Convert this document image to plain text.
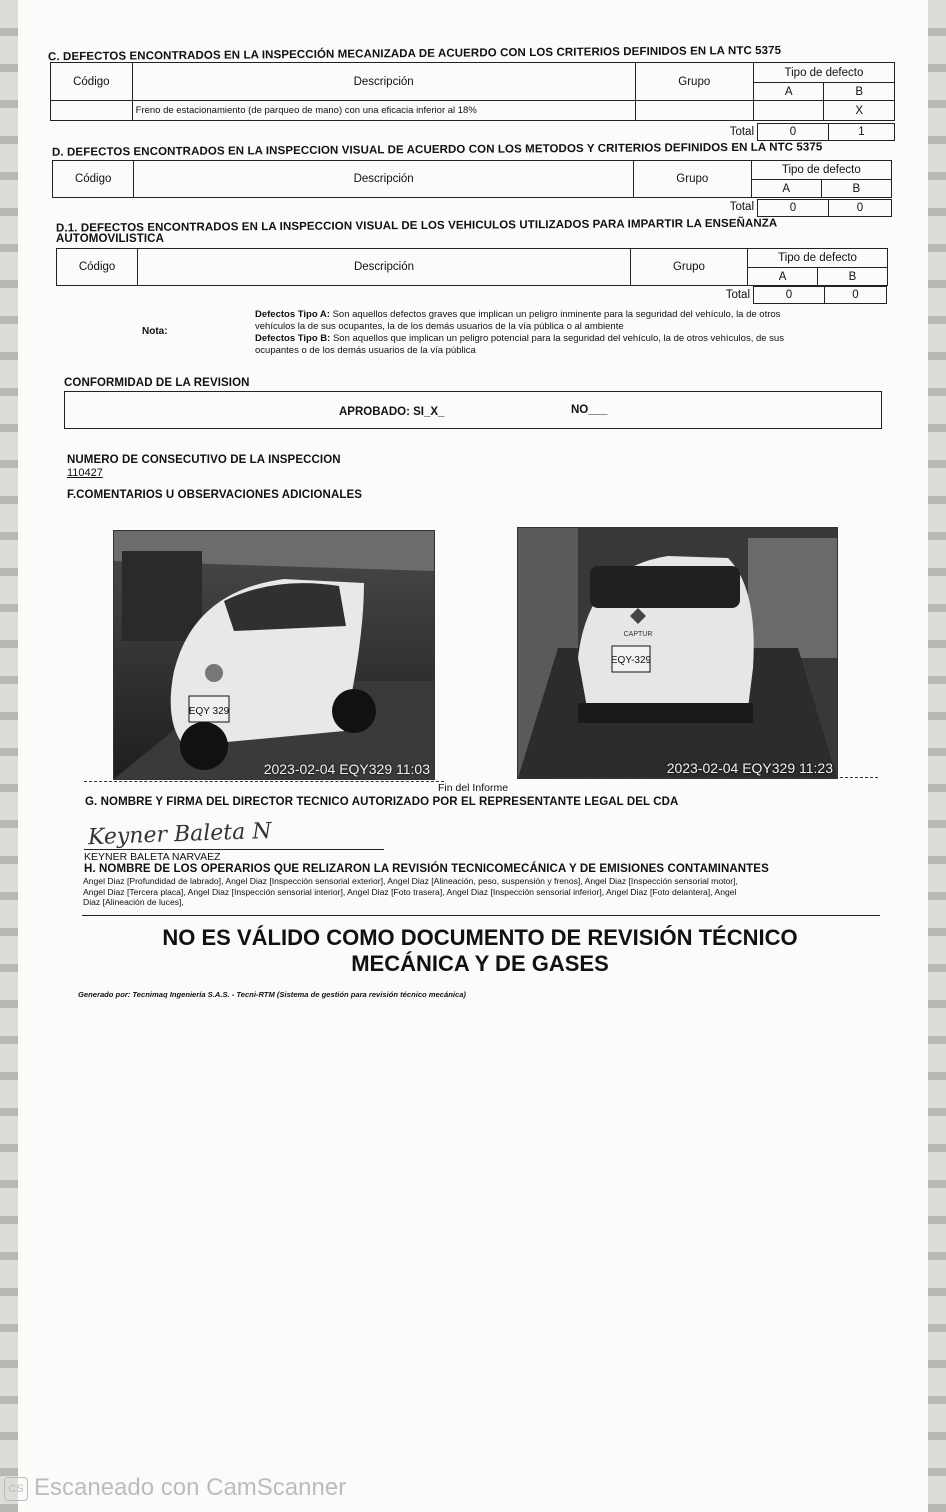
C. DEFECTOS ENCONTRADOS EN LA INSPECCIÓN MECANIZADA DE ACUERDO CON LOS CRITERIOS DEFINIDOS EN LA NTC 5375
Código	Descripción	Grupo	Tipo de defecto	
			A	B
	Freno de estacionamiento (de parqueo de mano) con una eficacia inferior al 18%			X
Total	0	1
D. DEFECTOS ENCONTRADOS EN LA INSPECCION VISUAL DE ACUERDO CON LOS METODOS Y CRITERIOS DEFINIDOS EN LA NTC 5375
Código	Descripción	Grupo	Tipo de defecto	
			A	B
Total	0	0
D.1. DEFECTOS ENCONTRADOS EN LA INSPECCION VISUAL DE LOS VEHICULOS UTILIZADOS PARA IMPARTIR LA ENSEÑANZA
AUTOMOVILISTICA
Código	Descripción	Grupo	Tipo de defecto	
			A	B
Total	0	0
Nota:
Defectos Tipo A: Son aquellos defectos graves que implican un peligro inminente para la seguridad del vehículo, la de otros
vehículos la de sus ocupantes, la de los demás usuarios de la vía pública o al ambiente
Defectos Tipo B: Son aquellos que implican un peligro potencial para la seguridad del vehículo, la de otros vehículos, de sus
ocupantes o de los demás usuarios de la vía pública
CONFORMIDAD DE LA REVISION
APROBADO: SI_X_	NO___
NUMERO DE CONSECUTIVO DE LA INSPECCION
110427
F.COMENTARIOS U OBSERVACIONES ADICIONALES
EQY 329
2023-02-04 EQY329 11:03
EQY-329
CAPTUR
2023-02-04 EQY329 11:23
Fin del Informe
G. NOMBRE Y FIRMA DEL DIRECTOR TECNICO AUTORIZADO POR EL REPRESENTANTE LEGAL DEL CDA
Keyner Baleta N
KEYNER BALETA NARVAEZ
H. NOMBRE DE LOS OPERARIOS QUE RELIZARON LA REVISIÓN TECNICOMECÁNICA Y DE EMISIONES CONTAMINANTES
Angel Diaz [Profundidad de labrado], Angel Diaz [Inspección sensorial exterior], Angel Diaz [Alineación, peso, suspensión y frenos], Angel Diaz [Inspección sensorial motor],
Angel Diaz [Tercera placa], Angel Diaz [Inspección sensorial interior], Angel Diaz [Foto trasera], Angel Diaz [Inspección sensorial inferior], Angel Diaz [Foto delantera], Angel
Diaz [Alineación de luces],
NO ES VÁLIDO COMO DOCUMENTO DE REVISIÓN TÉCNICO
MECÁNICA Y DE GASES
Generado por: Tecnimaq Ingeniería S.A.S. - Tecni-RTM (Sistema de gestión para revisión técnico mecánica)
CS Escaneado con CamScanner
